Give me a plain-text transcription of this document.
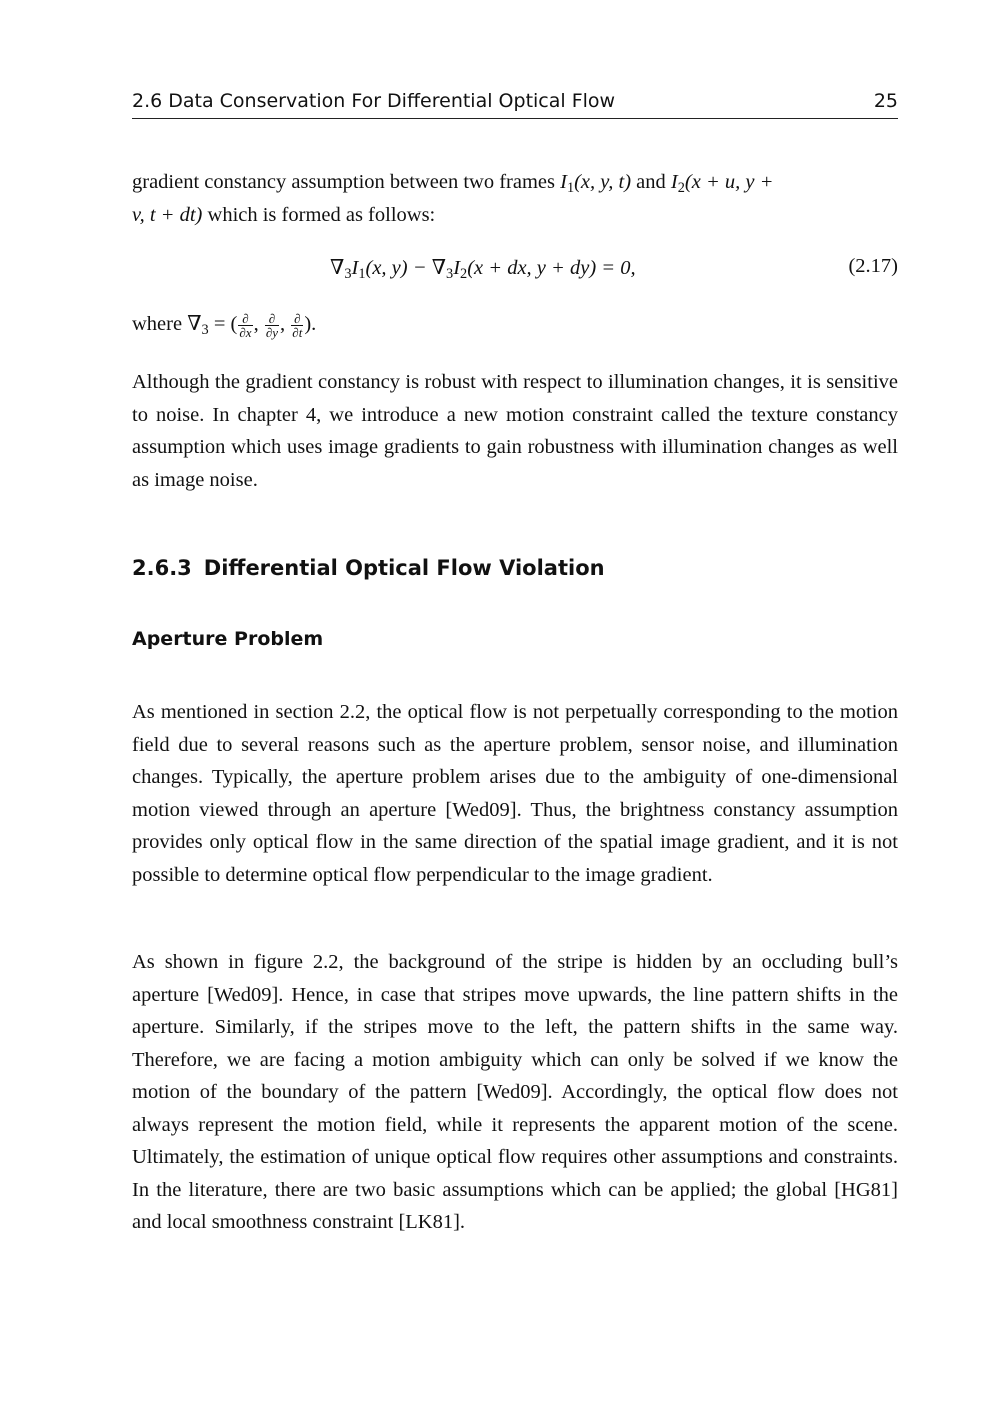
2.6 Data Conservation For Differential Optical Flow	25
gradient constancy assumption between two frames $I_1(x$, y, t) and $I_2(x + u$, y +
v, t + dt) which is formed as follows:
$\nabla_3I_1(x$, $y) - \nabla_3I_2(x$ + dx, y + dy) = 0,	(2.17)
where $\nabla_3$ = ( $\frac{\partial}{\partial x}$ , $\frac{\partial}{\partial y}$ , $\frac{\partial}{\partial t}$ ).
Although the gradient constancy is robust with respect to illumination changes, it is sensitive to noise. In chapter 4, we introduce a new motion constraint called the texture constancy assumption which uses image gradients to gain robustness with illumination changes as well as image noise.
2.6.3 Differential Optical Flow Violation
Aperture Problem
As mentioned in section 2.2, the optical flow is not perpetually corresponding to the motion field due to several reasons such as the aperture problem, sensor noise, and illumination changes. Typically, the aperture problem arises due to the ambiguity of one-dimensional motion viewed through an aperture [Wed09]. Thus, the brightness constancy assumption provides only optical flow in the same direction of the spatial image gradient, and it is not possible to determine optical flow perpendicular to the image gradient.
As shown in figure 2.2, the background of the stripe is hidden by an occluding bull’s aperture [Wed09]. Hence, in case that stripes move upwards, the line pattern shifts in the aperture. Similarly, if the stripes move to the left, the pattern shifts in the same way. Therefore, we are facing a motion ambiguity which can only be solved if we know the motion of the boundary of the pattern [Wed09]. Accordingly, the optical flow does not always represent the motion field, while it represents the apparent motion of the scene. Ultimately, the estimation of unique optical flow requires other assumptions and constraints. In the literature, there are two basic assumptions which can be applied; the global [HG81] and local smoothness constraint [LK81].
